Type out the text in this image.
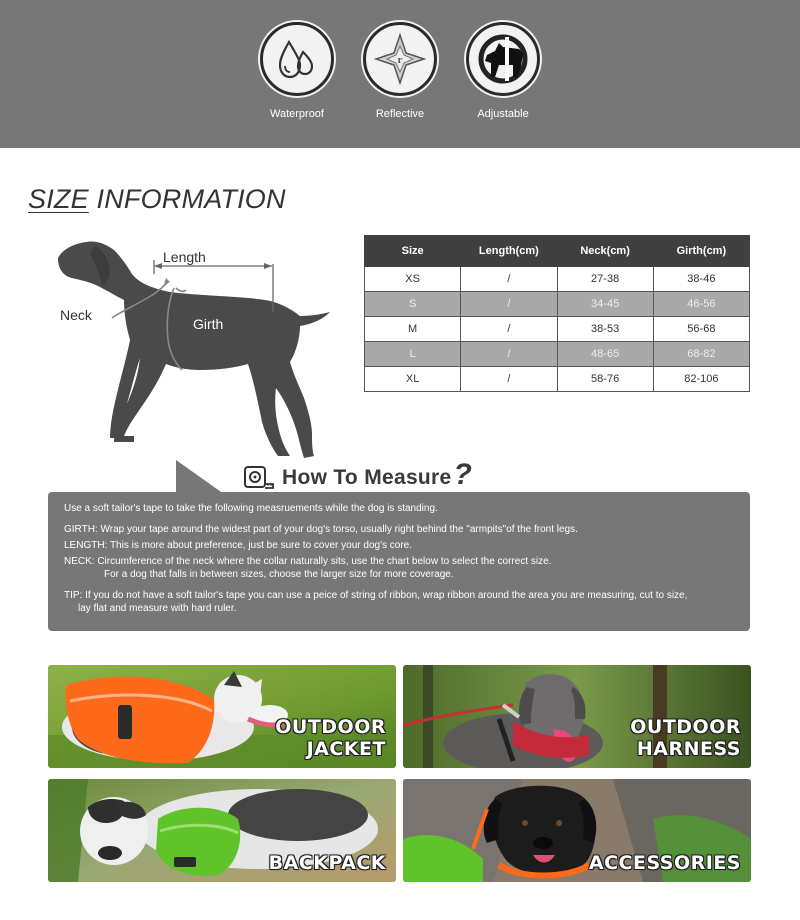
Waterproof
r
Reflective	Adjustable
SIZE INFORMATION
Length
Neck
Girth
Size	Length(cm)	Neck(cm)	Girth(cm)
XS	/	27-38	38-46
S	/	34-45	46-56
M	/	38-53	56-68
L	/	48-65	68-82
XL	/	58-76	82-106
How To Measure ?

Use a soft tailor's tape to take the following measruements while the dog is standing.

GIRTH: Wrap your tape around the widest part of your dog's torso, usually right behind the "armpits"of the front legs.

LENGTH: This is more about preference, just be sure to cover your dog's core.

NECK: Circumference of the neck where the collar naturally sits, use the chart below to select the correct size.

For a dog that falls in between sizes, choose the larger size for more coverage.

TIP: If you do not have a soft tailor's tape you can use a peice of string of ribbon, wrap ribbon around the area you are measuring, cut to size,

lay flat and measure with hard ruler.

OUTDOOR
JACKET
OUTDOOR
HARNESS
BACKPACK	ACCESSORIES
